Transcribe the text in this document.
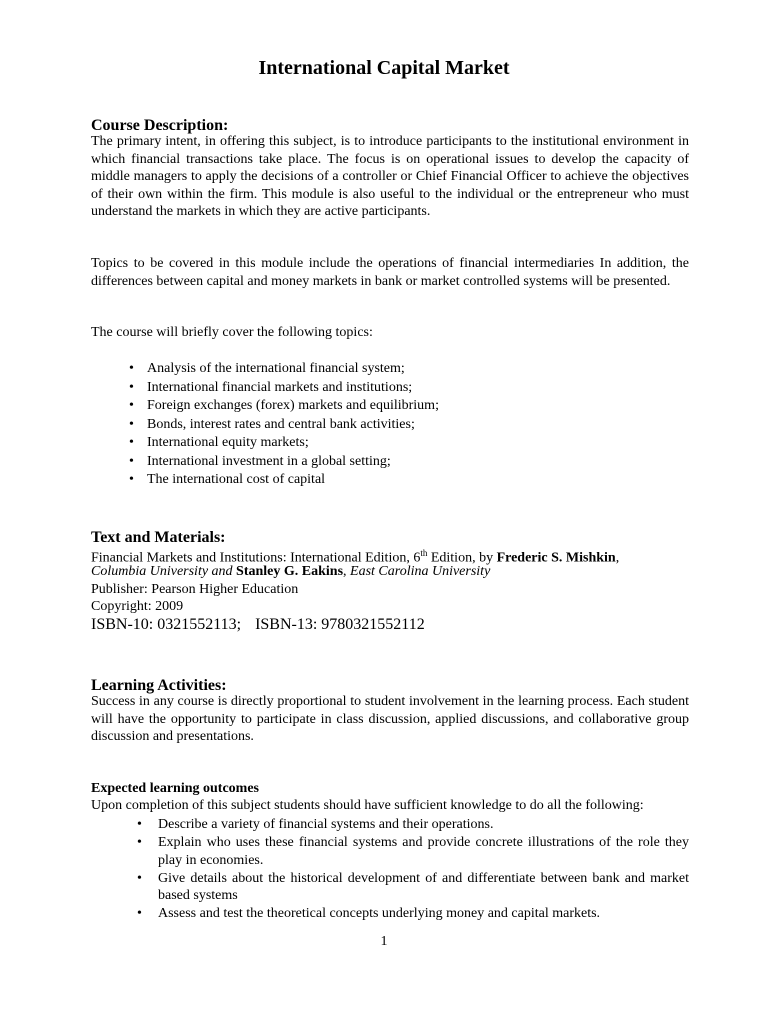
International Capital Market
Course Description:

The primary intent, in offering this subject, is to introduce participants to the institutional environment in which financial transactions take place. The focus is on operational issues to develop the capacity of middle managers to apply the decisions of a controller or Chief Financial Officer to achieve the objectives of their own within the firm. This module is also useful to the individual or the entrepreneur who must understand the markets in which they are active participants.

Topics to be covered in this module include the operations of financial intermediaries In addition, the differences between capital and money markets in bank or market controlled systems will be presented.

The course will briefly cover the following topics:

• Analysis of the international financial system;
• International financial markets and institutions;
• Foreign exchanges (forex) markets and equilibrium;
• Bonds, interest rates and central bank activities;
• International equity markets;
• International investment in a global setting;
• The international cost of capital
Text and Materials:

Financial Markets and Institutions: International Edition, 6th Edition, by Frederic S. Mishkin,

Columbia University and Stanley G. Eakins, East Carolina University

Publisher: Pearson Higher Education

Copyright: 2009

ISBN-10: 0321552113; ISBN-13: 9780321552112

Learning Activities:

Success in any course is directly proportional to student involvement in the learning process. Each student will have the opportunity to participate in class discussion, applied discussions, and collaborative group discussion and presentations.

Expected learning outcomes

Upon completion of this subject students should have sufficient knowledge to do all the following:

• Describe a variety of financial systems and their operations.
• Explain who uses these financial systems and provide concrete illustrations of the role they play in economies.
• Give details about the historical development of and differentiate between bank and market based systems
• Assess and test the theoretical concepts underlying money and capital markets.

1
